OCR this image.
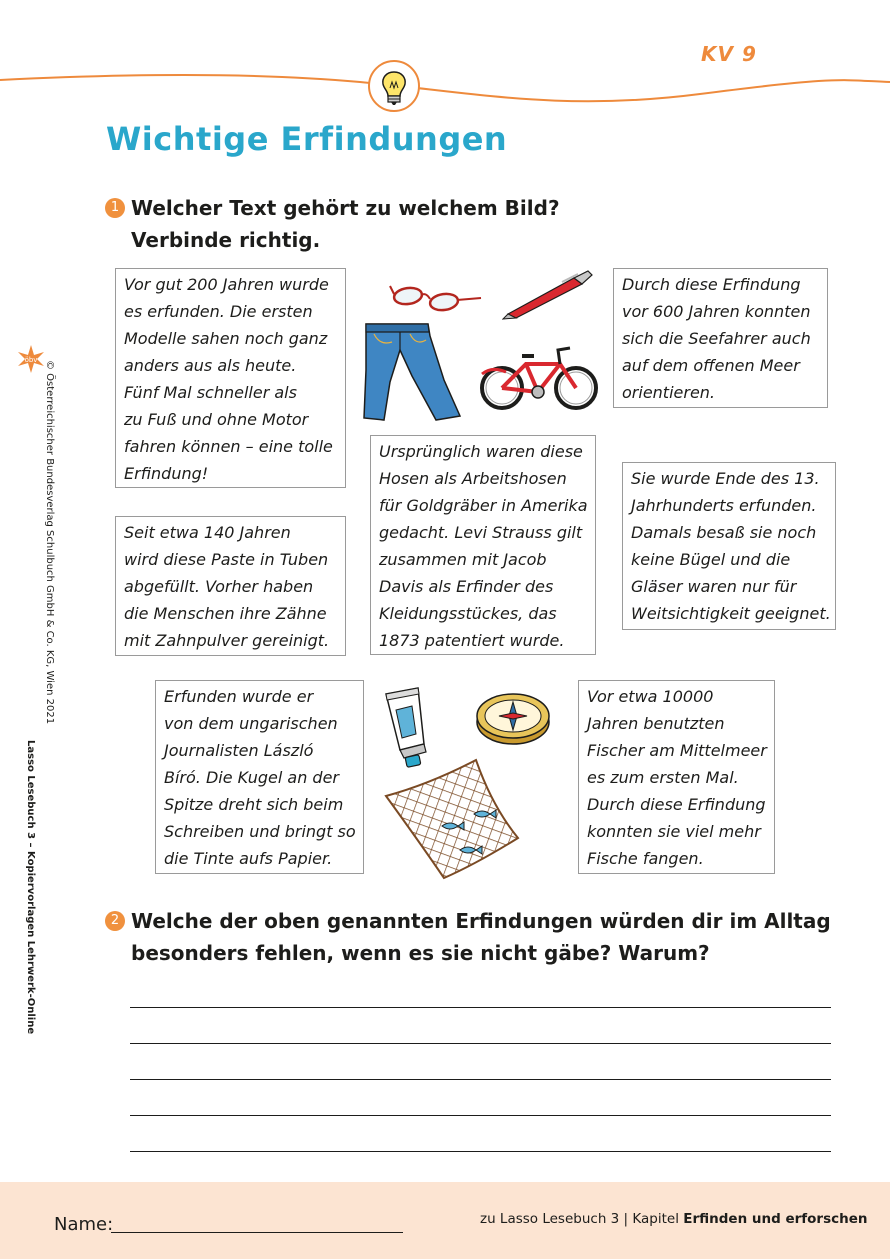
KV 9
Wichtige Erfindungen
1 Welcher Text gehört zu welchem Bild?
Verbinde richtig.
Vor gut 200 Jahren wurde
es erfunden. Die ersten
Modelle sahen noch ganz
anders aus als heute.
Fünf Mal schneller als
zu Fuß und ohne Motor
fahren können – eine tolle
Erfindung!
Durch diese Erfindung
vor 600 Jahren konnten
sich die Seefahrer auch
auf dem offenen Meer
orientieren.
Ursprünglich waren diese
Hosen als Arbeitshosen
für Goldgräber in Amerika
gedacht. Levi Strauss gilt
zusammen mit Jacob
Davis als Erfinder des
Kleidungsstückes, das
1873 patentiert wurde.
Sie wurde Ende des 13.
Jahrhunderts erfunden.
Damals besaß sie noch
keine Bügel und die
Gläser waren nur für
Weitsichtigkeit geeignet.
Seit etwa 140 Jahren
wird diese Paste in Tuben
abgefüllt. Vorher haben
die Menschen ihre Zähne
mit Zahnpulver gereinigt.
Erfunden wurde er
von dem ungarischen
Journalisten László
Bíró. Die Kugel an der
Spitze dreht sich beim
Schreiben und bringt so
die Tinte aufs Papier.
Vor etwa 10000
Jahren benutzten
Fischer am Mittelmeer
es zum ersten Mal.
Durch diese Erfindung
konnten sie viel mehr
Fische fangen.
2 Welche der oben genannten Erfindungen würden dir im Alltag
besonders fehlen, wenn es sie nicht gäbe? Warum?
öbv © Österreichischer Bundesverlag Schulbuch GmbH & Co. KG, Wien 2021
Lasso Lesebuch 3 – Kopiervorlagen Lehrwerk-Online
Name:	zu Lasso Lesebuch 3 | Kapitel Erfinden und erforschen
